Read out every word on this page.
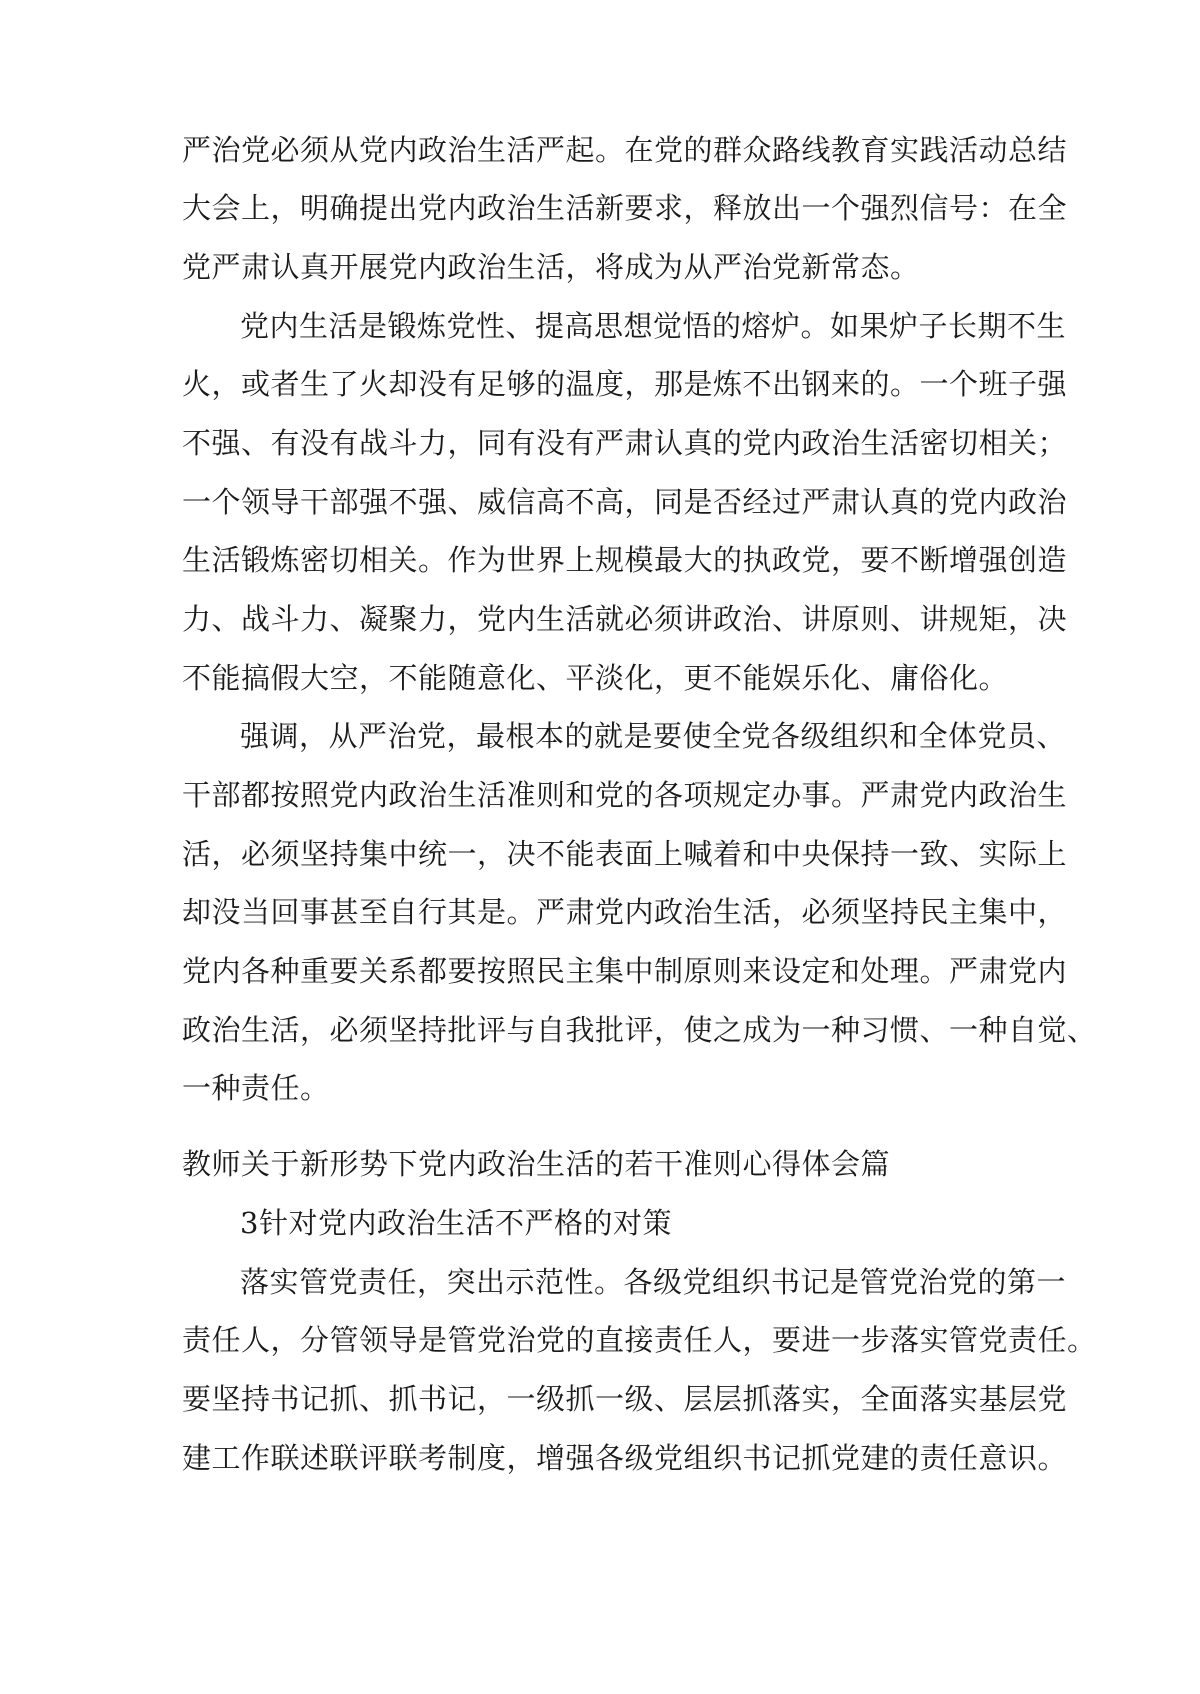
严治党必须从党内政治生活严起。在党的群众路线教育实践活动总结

大会上，明确提出党内政治生活新要求，释放出一个强烈信号：在全

党严肃认真开展党内政治生活，将成为从严治党新常态。

党内生活是锻炼党性、提高思想觉悟的熔炉。如果炉子长期不生

火，或者生了火却没有足够的温度，那是炼不出钢来的。一个班子强

不强、有没有战斗力，同有没有严肃认真的党内政治生活密切相关；

一个领导干部强不强、威信高不高，同是否经过严肃认真的党内政治

生活锻炼密切相关。作为世界上规模最大的执政党，要不断增强创造

力、战斗力、凝聚力，党内生活就必须讲政治、讲原则、讲规矩，决

不能搞假大空，不能随意化、平淡化，更不能娱乐化、庸俗化。

强调，从严治党，最根本的就是要使全党各级组织和全体党员、

干部都按照党内政治生活准则和党的各项规定办事。严肃党内政治生

活，必须坚持集中统一，决不能表面上喊着和中央保持一致、实际上

却没当回事甚至自行其是。严肃党内政治生活，必须坚持民主集中，

党内各种重要关系都要按照民主集中制原则来设定和处理。严肃党内

政治生活，必须坚持批评与自我批评，使之成为一种习惯、一种自觉、

一种责任。

教师关于新形势下党内政治生活的若干准则心得体会篇

3针对党内政治生活不严格的对策

落实管党责任，突出示范性。各级党组织书记是管党治党的第一

责任人，分管领导是管党治党的直接责任人，要进一步落实管党责任。

要坚持书记抓、抓书记，一级抓一级、层层抓落实，全面落实基层党

建工作联述联评联考制度，增强各级党组织书记抓党建的责任意识。
